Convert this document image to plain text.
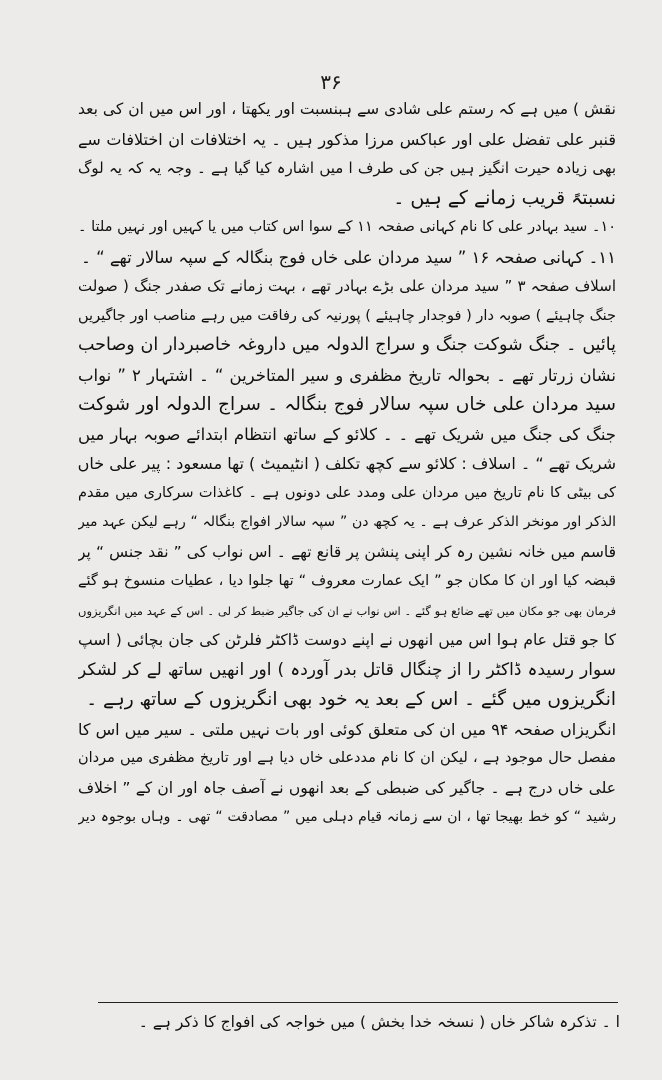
۳۶
نقش ) میں ہے کہ رستم علی شادی سے ہبنسبت اور یکھتا ، اور اس میں ان کی بعد
قنبر علی تفضل علی اور عباکس مرزا مذکور ہیں ۔ یہ اختلافات ان اختلافات سے
بھی زیادہ حیرت انگیز ہیں جن کی طرف ا میں اشارہ کیا گیا ہے ۔ وجہ یہ کہ یہ لوگ
نسبتہً قریب زمانے کے ہیں ۔
۱۰۔ سید بہادر علی کا نام کہانی صفحہ ۱۱ کے سوا اس کتاب میں یا کہیں اور نہیں ملتا ۔
۱۱۔ کہانی صفحہ ۱۶ ” سید مردان علی خاں فوج بنگالہ کے سپہ سالار تھے “ ۔
اسلاف صفحہ ۳ ” سید مردان علی بڑے بہادر تھے ، بہت زمانے تک صفدر جنگ ( صولت
جنگ چاہیئے ) صوبہ دار ( فوجدار چاہیئے ) پورنیہ کی رفاقت میں رہے مناصب اور جاگیریں
پائیں ۔ جنگ شوکت جنگ و سراج الدولہ میں داروغہ خاصبردار ان وصاحب
نشان زرتار تھے ۔ بحوالہ تاریخ مظفری و سیر المتاخرین “ ۔ اشتہار ۲ ” نواب
سید مردان علی خاں سپہ سالار فوج بنگالہ ۔ سراج الدولہ اور شوکت
جنگ کی جنگ میں شریک تھے ۔ ۔ کلائو کے ساتھ انتظام ابتدائے صوبہ بہار میں
شریک تھے “ ۔ اسلاف : کلائو سے کچھ تکلف ( انٹیمیٹ ) تھا مسعود : پیر علی خاں
کی بیٹی کا نام تاریخ میں مردان علی ومدد علی دونوں ہے ۔ کاغذات سرکاری میں مقدم
الذکر اور مونخر الذکر عرف ہے ۔ یہ کچھ دن ” سپہ سالار افواج بنگالہ “ رہے لیکن عہد میر
قاسم میں خانہ نشین رہ کر اپنی پنشن پر قانع تھے ۔ اس نواب کی ” نقد جنس “ پر
قبضہ کیا اور ان کا مکان جو ” ایک عمارت معروف “ تھا جلوا دیا ، عطیات منسوخ ہو گئے
فرمان بھی جو مکان میں تھے ضائع ہو گئے ۔ اس نواب نے ان کی جاگیر ضبط کر لی ۔ اس کے عہد میں انگریزوں
کا جو قتل عام ہوا اس میں انھوں نے اپنے دوست ڈاکٹر فلرٹن کی جان بچائی ( اسپ
سوار رسیدہ ڈاکٹر را از چنگال قاتل بدر آوردہ ) اور انھیں ساتھ لے کر لشکر
انگریزوں میں گئے ۔ اس کے بعد یہ خود بھی انگریزوں کے ساتھ رہے ۔
انگریزاں صفحہ ۹۴ میں ان کی متعلق کوئی اور بات نہیں ملتی ۔ سیر میں اس کا
مفصل حال موجود ہے ، لیکن ان کا نام مددعلی خاں دیا ہے اور تاریخ مظفری میں مردان
علی خاں درج ہے ۔ جاگیر کی ضبطی کے بعد انھوں نے آصف جاہ اور ان کے ” اخلاف
رشید “ کو خط بھیجا تھا ، ان سے زمانہ قیام دہلی میں ” مصادقت “ تھی ۔ وہاں بوجوہ دیر
ا ۔ تذکرہ شاکر خاں ( نسخہ خدا بخش ) میں خواجہ کی افواج کا ذکر ہے ۔
